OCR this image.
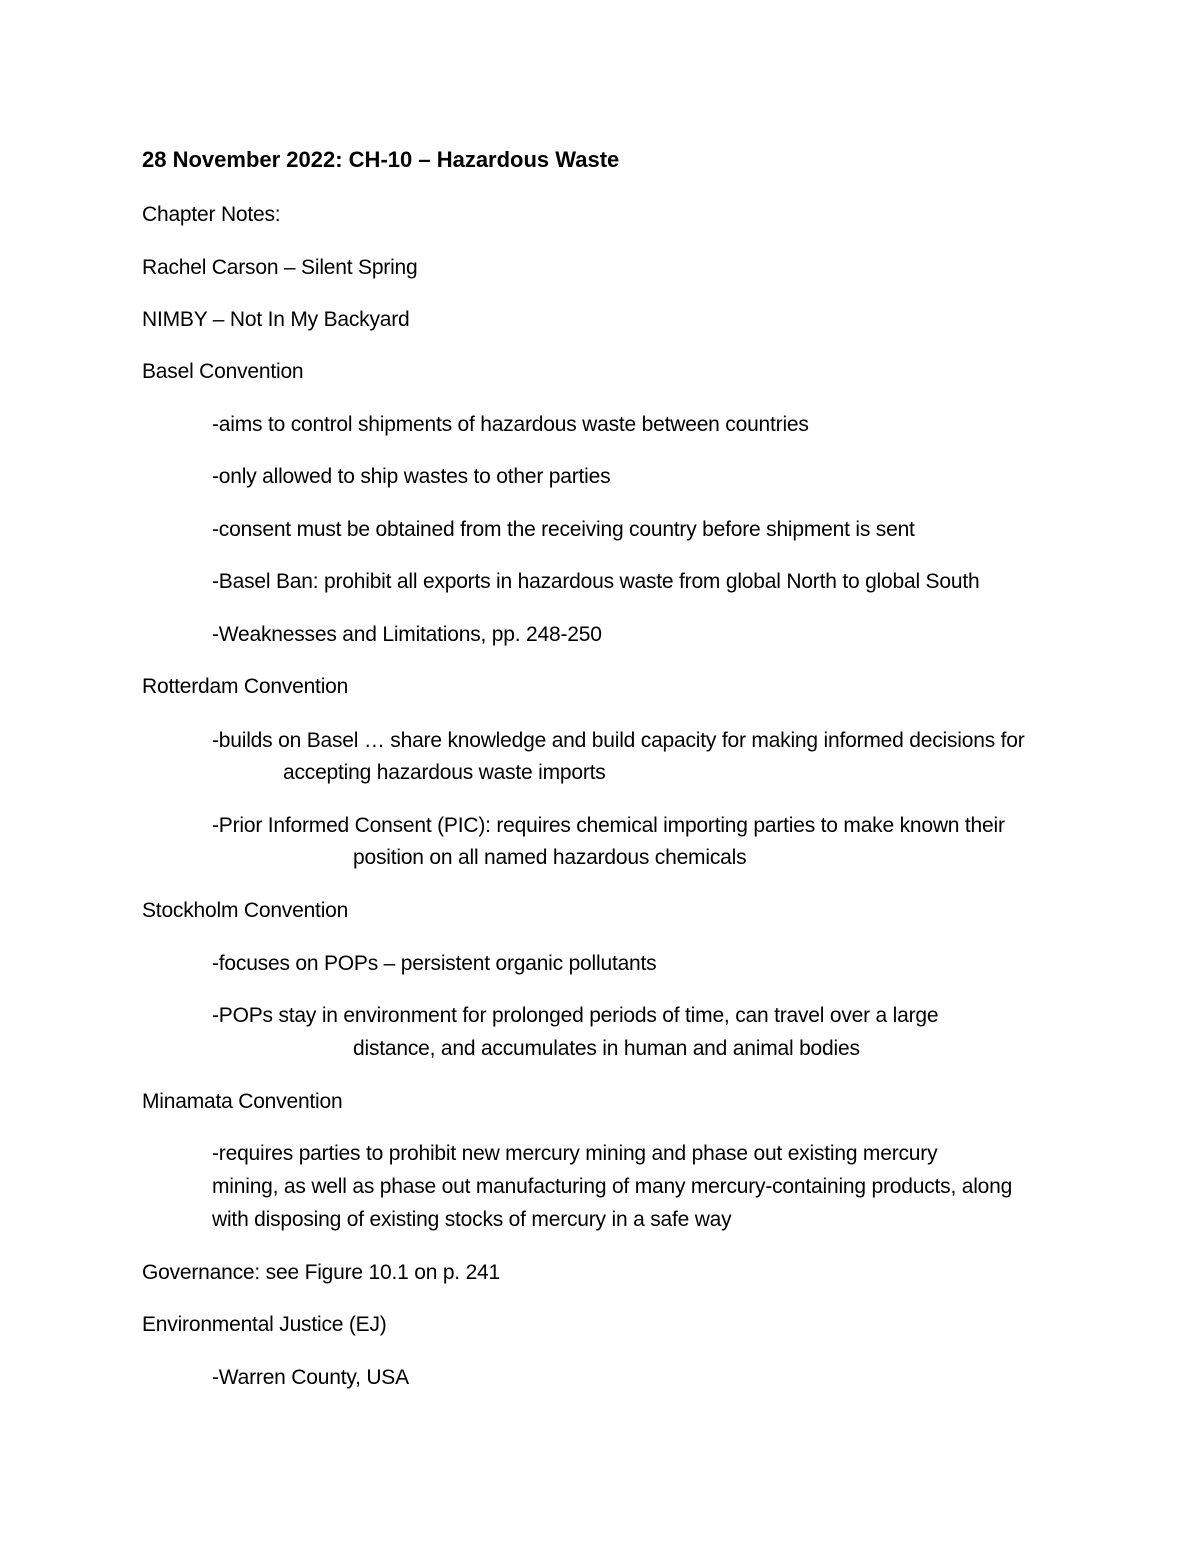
28 November 2022: CH-10 – Hazardous Waste
Chapter Notes:
Rachel Carson – Silent Spring
NIMBY – Not In My Backyard
Basel Convention
-aims to control shipments of hazardous waste between countries
-only allowed to ship wastes to other parties
-consent must be obtained from the receiving country before shipment is sent
-Basel Ban: prohibit all exports in hazardous waste from global North to global South
-Weaknesses and Limitations, pp. 248-250
Rotterdam Convention
-builds on Basel … share knowledge and build capacity for making informed decisions for
accepting hazardous waste imports
-Prior Informed Consent (PIC): requires chemical importing parties to make known their
position on all named hazardous chemicals
Stockholm Convention
-focuses on POPs – persistent organic pollutants
-POPs stay in environment for prolonged periods of time, can travel over a large
distance, and accumulates in human and animal bodies
Minamata Convention
-requires parties to prohibit new mercury mining and phase out existing mercury
mining, as well as phase out manufacturing of many mercury-containing products, along
with disposing of existing stocks of mercury in a safe way
Governance: see Figure 10.1 on p. 241
Environmental Justice (EJ)
-Warren County, USA
